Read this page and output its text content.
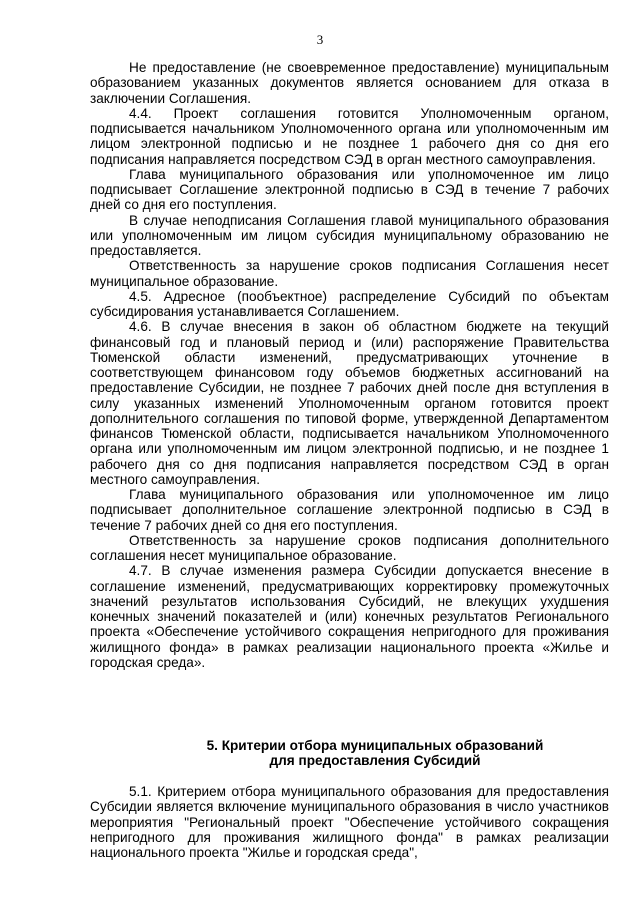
3

Не предоставление (не своевременное предоставление) муниципальным образованием указанных документов является основанием для отказа в заключении Соглашения.

4.4. Проект соглашения готовится Уполномоченным органом, подписывается начальником Уполномоченного органа или уполномоченным им лицом электронной подписью и не позднее 1 рабочего дня со дня его подписания направляется посредством СЭД в орган местного самоуправления.

Глава муниципального образования или уполномоченное им лицо подписывает Соглашение электронной подписью в СЭД в течение 7 рабочих дней со дня его поступления.

В случае неподписания Соглашения главой муниципального образования или уполномоченным им лицом субсидия муниципальному образованию не предоставляется.

Ответственность за нарушение сроков подписания Соглашения несет муниципальное образование.

4.5. Адресное (пообъектное) распределение Субсидий по объектам субсидирования устанавливается Соглашением.

4.6. В случае внесения в закон об областном бюджете на текущий финансовый год и плановый период и (или) распоряжение Правительства Тюменской области изменений, предусматривающих уточнение в соответствующем финансовом году объемов бюджетных ассигнований на предоставление Субсидии, не позднее 7 рабочих дней после дня вступления в силу указанных изменений Уполномоченным органом готовится проект дополнительного соглашения по типовой форме, утвержденной Департаментом финансов Тюменской области, подписывается начальником Уполномоченного органа или уполномоченным им лицом электронной подписью, и не позднее 1 рабочего дня со дня подписания направляется посредством СЭД в орган местного самоуправления.

Глава муниципального образования или уполномоченное им лицо подписывает дополнительное соглашение электронной подписью в СЭД в течение 7 рабочих дней со дня его поступления.

Ответственность за нарушение сроков подписания дополнительного соглашения несет муниципальное образование.

4.7. В случае изменения размера Субсидии допускается внесение в соглашение изменений, предусматривающих корректировку промежуточных значений результатов использования Субсидий, не влекущих ухудшения конечных значений показателей и (или) конечных результатов Регионального проекта «Обеспечение устойчивого сокращения непригодного для проживания жилищного фонда» в рамках реализации национального проекта «Жилье и городская среда».

5. Критерии отбора муниципальных образований
для предоставления Субсидий

5.1. Критерием отбора муниципального образования для предоставления Субсидии является включение муниципального образования в число участников мероприятия "Региональный проект "Обеспечение устойчивого сокращения непригодного для проживания жилищного фонда" в рамках реализации национального проекта "Жилье и городская среда",
